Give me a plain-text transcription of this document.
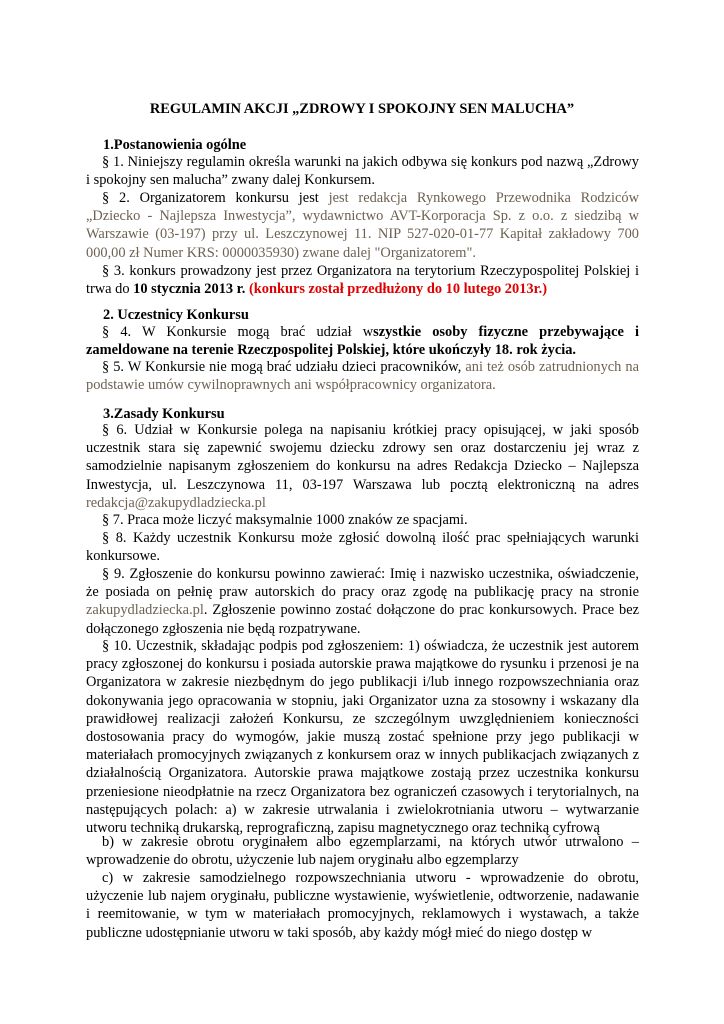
REGULAMIN AKCJI „ZDROWY I SPOKOJNY SEN MALUCHA”
1.Postanowienia ogólne
§ 1. Niniejszy regulamin określa warunki na jakich odbywa się konkurs pod nazwą „Zdrowy i spokojny sen malucha” zwany dalej Konkursem.
§ 2. Organizatorem konkursu jest jest redakcja Rynkowego Przewodnika Rodziców „Dziecko - Najlepsza Inwestycja”, wydawnictwo AVT-Korporacja Sp. z o.o. z siedzibą w Warszawie (03-197) przy ul. Leszczynowej 11. NIP 527-020-01-77 Kapitał zakładowy 700 000,00 zł Numer KRS: 0000035930) zwane dalej "Organizatorem".
§ 3. konkurs prowadzony jest przez Organizatora na terytorium Rzeczypospolitej Polskiej i trwa do 10 stycznia 2013 r. (konkurs został przedłużony do 10 lutego 2013r.)
2. Uczestnicy Konkursu
§ 4. W Konkursie mogą brać udział wszystkie osoby fizyczne przebywające i zameldowane na terenie Rzeczpospolitej Polskiej, które ukończyły 18. rok życia.
§ 5. W Konkursie nie mogą brać udziału dzieci pracowników, ani też osób zatrudnionych na podstawie umów cywilnoprawnych ani współpracownicy organizatora.
3.Zasady Konkursu
§ 6. Udział w Konkursie polega na napisaniu krótkiej pracy opisującej, w jaki sposób uczestnik stara się zapewnić swojemu dziecku zdrowy sen oraz dostarczeniu jej wraz z samodzielnie napisanym zgłoszeniem do konkursu na adres Redakcja Dziecko – Najlepsza Inwestycja, ul. Leszczynowa 11, 03-197 Warszawa lub pocztą elektroniczną na adres redakcja@zakupydladziecka.pl
§ 7. Praca może liczyć maksymalnie 1000 znaków ze spacjami.
§ 8. Każdy uczestnik Konkursu może zgłosić dowolną ilość prac spełniających warunki konkursowe.
§ 9. Zgłoszenie do konkursu powinno zawierać: Imię i nazwisko uczestnika, oświadczenie, że posiada on pełnię praw autorskich do pracy oraz zgodę na publikację pracy na stronie zakupydladziecka.pl. Zgłoszenie powinno zostać dołączone do prac konkursowych. Prace bez dołączonego zgłoszenia nie będą rozpatrywane.
§ 10. Uczestnik, składając podpis pod zgłoszeniem: 1) oświadcza, że uczestnik jest autorem pracy zgłoszonej do konkursu i posiada autorskie prawa majątkowe do rysunku i przenosi je na Organizatora w zakresie niezbędnym do jego publikacji i/lub innego rozpowszechniania oraz dokonywania jego opracowania w stopniu, jaki Organizator uzna za stosowny i wskazany dla prawidłowej realizacji założeń Konkursu, ze szczególnym uwzględnieniem konieczności dostosowania pracy do wymogów, jakie muszą zostać spełnione przy jego publikacji w materiałach promocyjnych związanych z konkursem oraz w innych publikacjach związanych z działalnością Organizatora. Autorskie prawa majątkowe zostają przez uczestnika konkursu przeniesione nieodpłatnie na rzecz Organizatora bez ograniczeń czasowych i terytorialnych, na następujących polach: a) w zakresie utrwalania i zwielokrotniania utworu – wytwarzanie utworu techniką drukarską, reprograficzną, zapisu magnetycznego oraz techniką cyfrową
b) w zakresie obrotu oryginałem albo egzemplarzami, na których utwór utrwalono – wprowadzenie do obrotu, użyczenie lub najem oryginału albo egzemplarzy
c) w zakresie samodzielnego rozpowszechniania utworu - wprowadzenie do obrotu, użyczenie lub najem oryginału, publiczne wystawienie, wyświetlenie, odtworzenie, nadawanie i reemitowanie, w tym w materiałach promocyjnych, reklamowych i wystawach, a także publiczne udostępnianie utworu w taki sposób, aby każdy mógł mieć do niego dostęp w
